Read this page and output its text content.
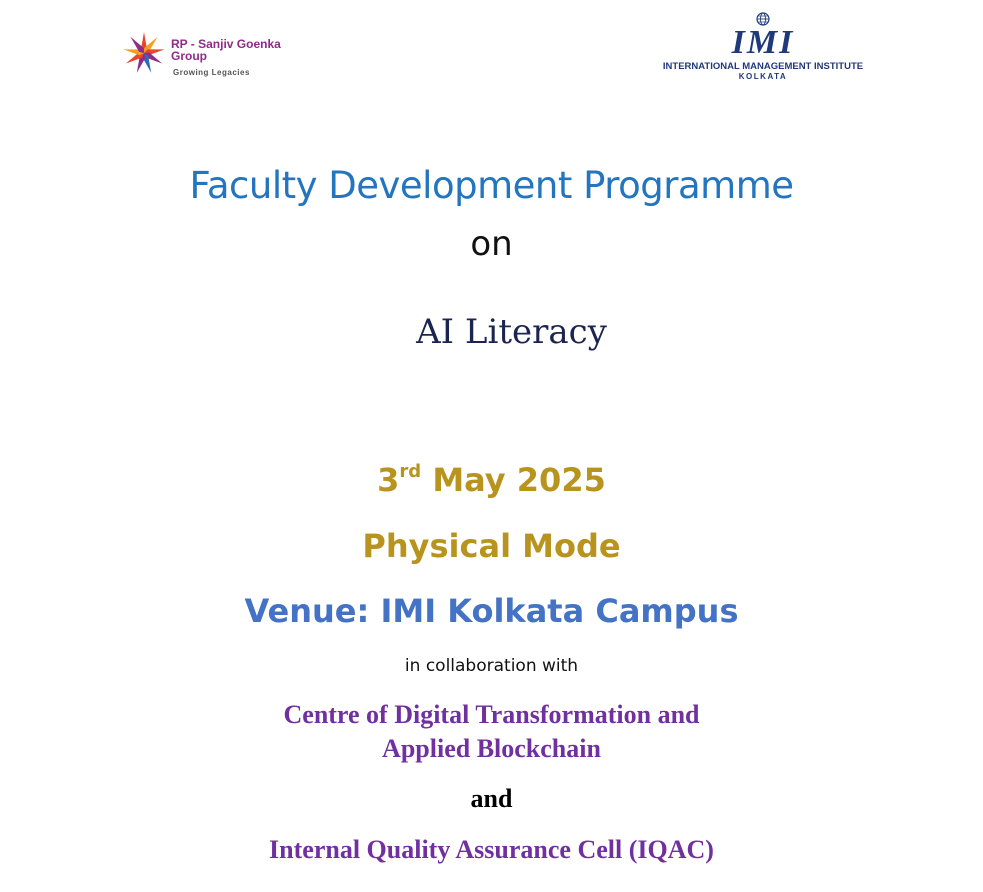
RP - Sanjiv Goenka Group
Growing Legacies
IMI
INTERNATIONAL MANAGEMENT INSTITUTE
KOLKATA
Faculty Development Programme
on
AI Literacy
3rd May 2025
Physical Mode
Venue: IMI Kolkata Campus
in collaboration with
Centre of Digital Transformation and
Applied Blockchain
and
Internal Quality Assurance Cell (IQAC)
